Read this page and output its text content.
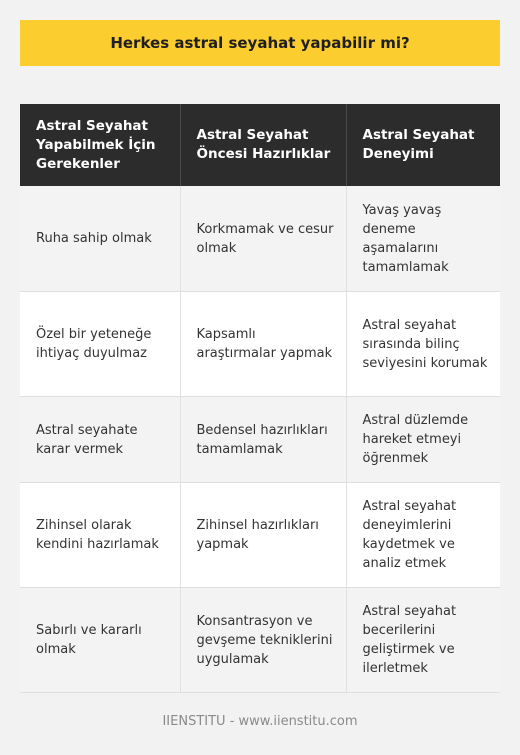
Herkes astral seyahat yapabilir mi?
Astral Seyahat Yapabilmek İçin Gerekenler	Astral Seyahat Öncesi Hazırlıklar	Astral Seyahat Deneyimi
Ruha sahip olmak	Korkmamak ve cesur olmak	Yavaş yavaş deneme aşamalarını tamamlamak
Özel bir yeteneğe ihtiyaç duyulmaz	Kapsamlı araştırmalar yapmak	Astral seyahat sırasında bilinç seviyesini korumak
Astral seyahate karar vermek	Bedensel hazırlıkları tamamlamak	Astral düzlemde hareket etmeyi öğrenmek
Zihinsel olarak kendini hazırlamak	Zihinsel hazırlıkları yapmak	Astral seyahat deneyimlerini kaydetmek ve analiz etmek
Sabırlı ve kararlı olmak	Konsantrasyon ve gevşeme tekniklerini uygulamak	Astral seyahat becerilerini geliştirmek ve ilerletmek
IIENSTITU - www.iienstitu.com
